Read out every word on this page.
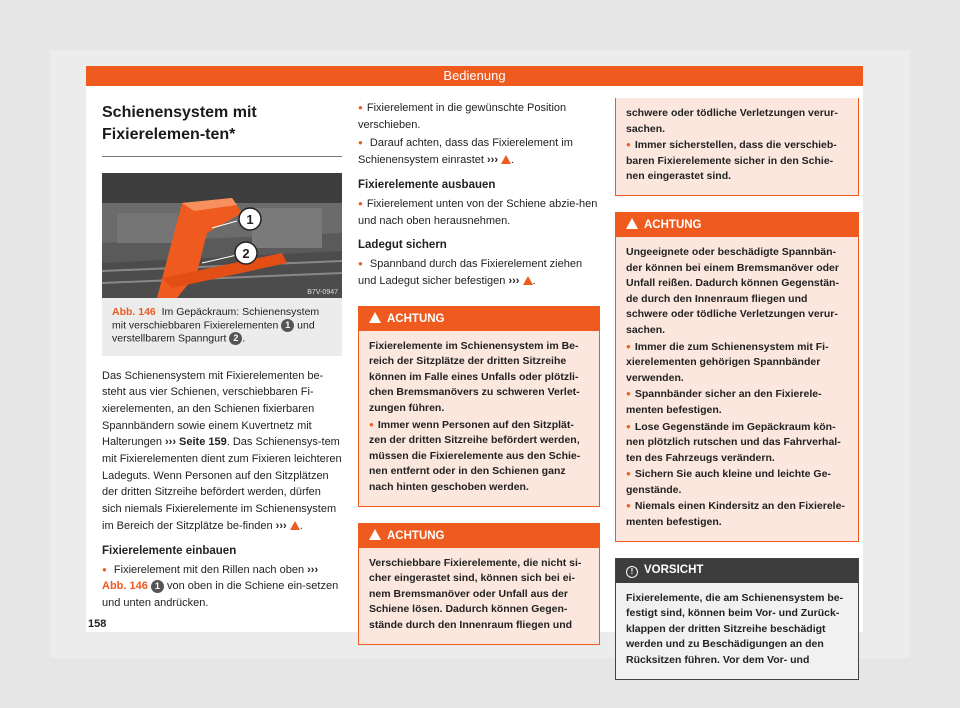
Bedienung
Schienensystem mit Fixierelemen-ten*
1
2
B7V-0947
Abb. 146 Im Gepäckraum: Schienensystem mit verschiebbaren Fixierelementen 1 und verstellbarem Spanngurt 2 .

Das Schienensystem mit Fixierelementen be-steht aus vier Schienen, verschiebbaren Fi-xierelementen, an den Schienen fixierbaren Spannbändern sowie einem Kuvertnetz mit Halterungen ››› Seite 159. Das Schienensys-tem mit Fixierelementen dient zum Fixieren leichteren Ladeguts. Wenn Personen auf den Sitzplätzen der dritten Sitzreihe befördert werden, dürfen sich niemals Fixierelemente im Schienensystem im Bereich der Sitzplätze be-finden ››› .

Fixierelemente einbauen
● Fixierelement mit den Rillen nach oben ››› Abb. 146 1 von oben in die Schiene ein-setzen und unten andrücken.
● Fixierelement in die gewünschte Position verschieben.
● Darauf achten, dass das Fixierelement im Schienensystem einrastet ››› .
Fixierelemente ausbauen
● Fixierelement unten von der Schiene abzie-hen und nach oben herausnehmen.
Ladegut sichern
● Spannband durch das Fixierelement ziehen und Ladegut sicher befestigen ››› .
ACHTUNG
Fixierelemente im Schienensystem im Be-reich der Sitzplätze der dritten Sitzreihe können im Falle eines Unfalls oder plötzli-chen Bremsmanövers zu schweren Verlet-zungen führen.
● Immer wenn Personen auf den Sitzplät-zen der dritten Sitzreihe befördert werden, müssen die Fixierelemente aus den Schie-nen entfernt oder in den Schienen ganz nach hinten geschoben werden.
ACHTUNG
Verschiebbare Fixierelemente, die nicht si-cher eingerastet sind, können sich bei ei-nem Bremsmanöver oder Unfall aus der Schiene lösen. Dadurch können Gegen-stände durch den Innenraum fliegen und
schwere oder tödliche Verletzungen verur-sachen.
● Immer sicherstellen, dass die verschieb-baren Fixierelemente sicher in den Schie-nen eingerastet sind.
ACHTUNG
Ungeeignete oder beschädigte Spannbän-der können bei einem Bremsmanöver oder Unfall reißen. Dadurch können Gegenstän-de durch den Innenraum fliegen und schwere oder tödliche Verletzungen verur-sachen.
● Immer die zum Schienensystem mit Fi-xierelementen gehörigen Spannbänder verwenden.
● Spannbänder sicher an den Fixierele-menten befestigen.
● Lose Gegenstände im Gepäckraum kön-nen plötzlich rutschen und das Fahrverhal-ten des Fahrzeugs verändern.
● Sichern Sie auch kleine und leichte Ge-genstände.
● Niemals einen Kindersitz an den Fixierele-menten befestigen.
! VORSICHT
Fixierelemente, die am Schienensystem be-festigt sind, können beim Vor- und Zurück-klappen der dritten Sitzreihe beschädigt werden und zu Beschädigungen an den Rücksitzen führen. Vor dem Vor- und
158
